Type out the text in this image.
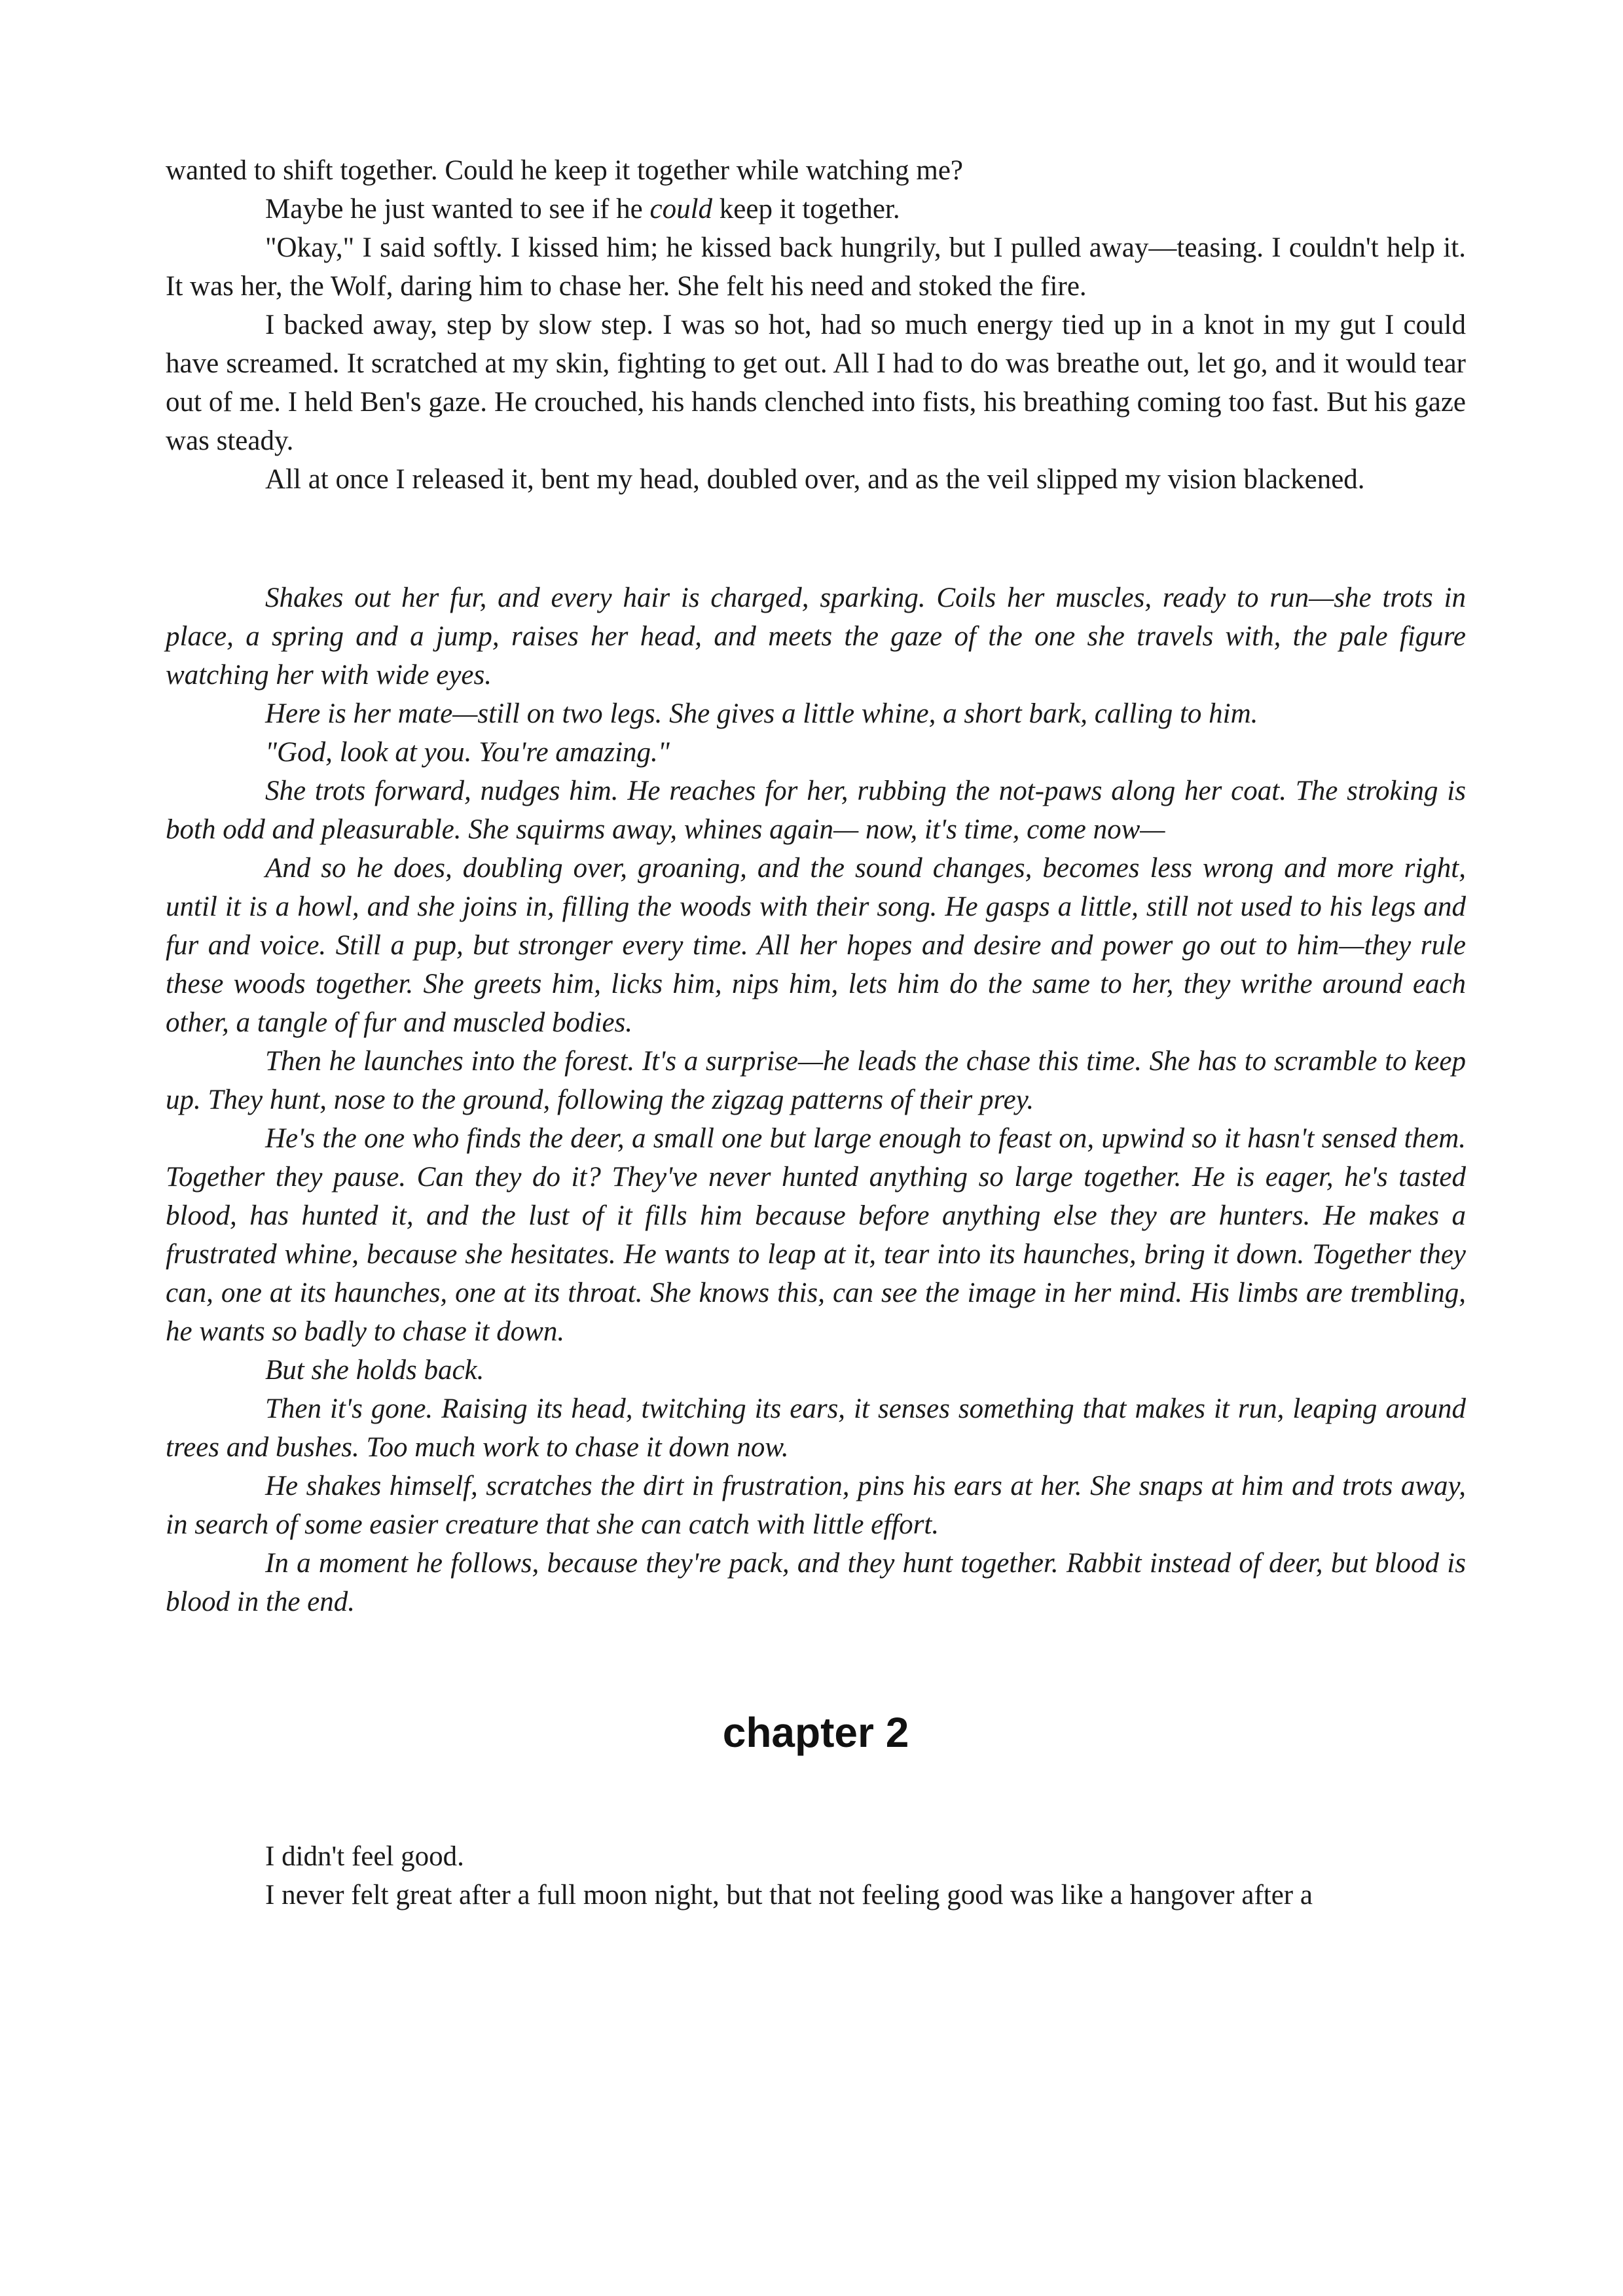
wanted to shift together. Could he keep it together while watching me?

Maybe he just wanted to see if he could keep it together.

"Okay," I said softly. I kissed him; he kissed back hungrily, but I pulled away—teasing. I couldn't help it. It was her, the Wolf, daring him to chase her. She felt his need and stoked the fire.

I backed away, step by slow step. I was so hot, had so much energy tied up in a knot in my gut I could have screamed. It scratched at my skin, fighting to get out. All I had to do was breathe out, let go, and it would tear out of me. I held Ben's gaze. He crouched, his hands clenched into fists, his breathing coming too fast. But his gaze was steady.

All at once I released it, bent my head, doubled over, and as the veil slipped my vision blackened.

Shakes out her fur, and every hair is charged, sparking. Coils her muscles, ready to run—she trots in place, a spring and a jump, raises her head, and meets the gaze of the one she travels with, the pale figure watching her with wide eyes.

Here is her mate—still on two legs. She gives a little whine, a short bark, calling to him.

"God, look at you. You're amazing."

She trots forward, nudges him. He reaches for her, rubbing the not-paws along her coat. The stroking is both odd and pleasurable. She squirms away, whines again— now, it's time, come now—

And so he does, doubling over, groaning, and the sound changes, becomes less wrong and more right, until it is a howl, and she joins in, filling the woods with their song. He gasps a little, still not used to his legs and fur and voice. Still a pup, but stronger every time. All her hopes and desire and power go out to him—they rule these woods together. She greets him, licks him, nips him, lets him do the same to her, they writhe around each other, a tangle of fur and muscled bodies.

Then he launches into the forest. It's a surprise—he leads the chase this time. She has to scramble to keep up. They hunt, nose to the ground, following the zigzag patterns of their prey.

He's the one who finds the deer, a small one but large enough to feast on, upwind so it hasn't sensed them. Together they pause. Can they do it? They've never hunted anything so large together. He is eager, he's tasted blood, has hunted it, and the lust of it fills him because before anything else they are hunters. He makes a frustrated whine, because she hesitates. He wants to leap at it, tear into its haunches, bring it down. Together they can, one at its haunches, one at its throat. She knows this, can see the image in her mind. His limbs are trembling, he wants so badly to chase it down.

But she holds back.

Then it's gone. Raising its head, twitching its ears, it senses something that makes it run, leaping around trees and bushes. Too much work to chase it down now.

He shakes himself, scratches the dirt in frustration, pins his ears at her. She snaps at him and trots away, in search of some easier creature that she can catch with little effort.

In a moment he follows, because they're pack, and they hunt together. Rabbit instead of deer, but blood is blood in the end.

chapter 2

I didn't feel good.

I never felt great after a full moon night, but that not feeling good was like a hangover after a
